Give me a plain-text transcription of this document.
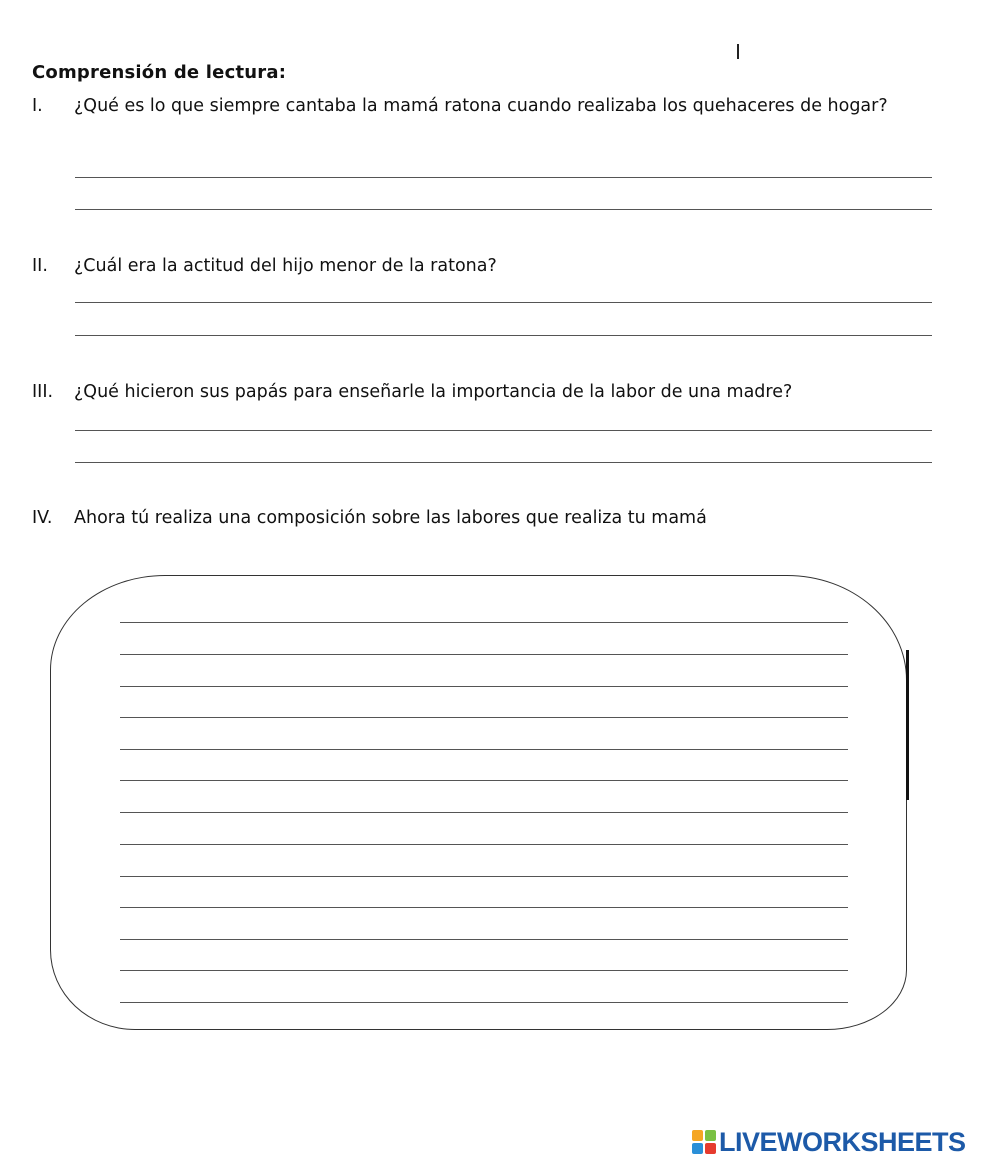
Comprensión de lectura:
I. ¿Qué es lo que siempre cantaba la mamá ratona cuando realizaba los quehaceres de hogar?
II. ¿Cuál era la actitud del hijo menor de la ratona?
III. ¿Qué hicieron sus papás para enseñarle la importancia de la labor de una madre?
IV. Ahora tú realiza una composición sobre las labores que realiza tu mamá
LIVEWORKSHEETS
